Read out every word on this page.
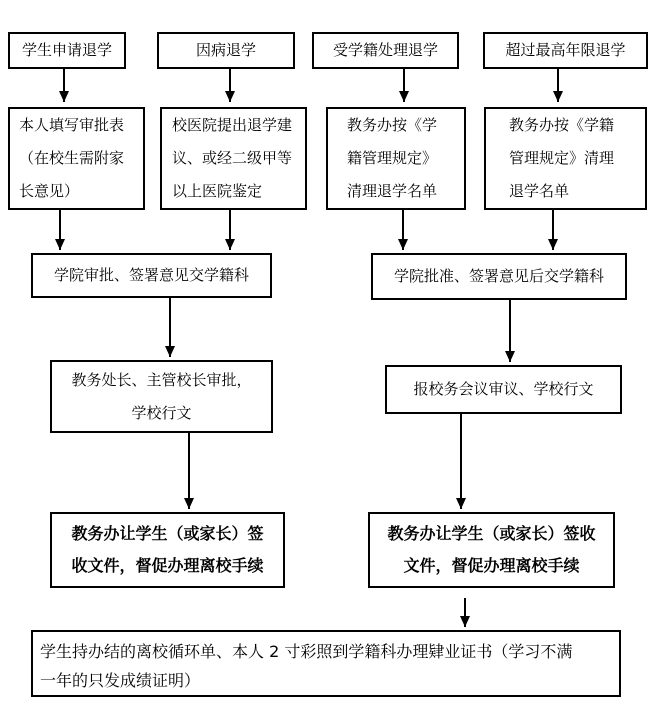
学生申请退学	因病退学	受学籍处理退学	超过最高年限退学
本人填写审批表（在校生需附家长意见）
校医院提出退学建议、或经二级甲等以上医院鉴定
教务办按《学籍管理规定》清理退学名单
教务办按《学籍管理规定》清理退学名单
学院审批、签署意见交学籍科	学院批准、签署意见后交学籍科
教务处长、主管校长审批，学校行文
报校务会议审议、学校行文
教务办让学生（或家长）签收文件，督促办理离校手续
教务办让学生（或家长）签收文件，督促办理离校手续
学生持办结的离校循环单、本人 2 寸彩照到学籍科办理肄业证书（学习不满一年的只发成绩证明）
